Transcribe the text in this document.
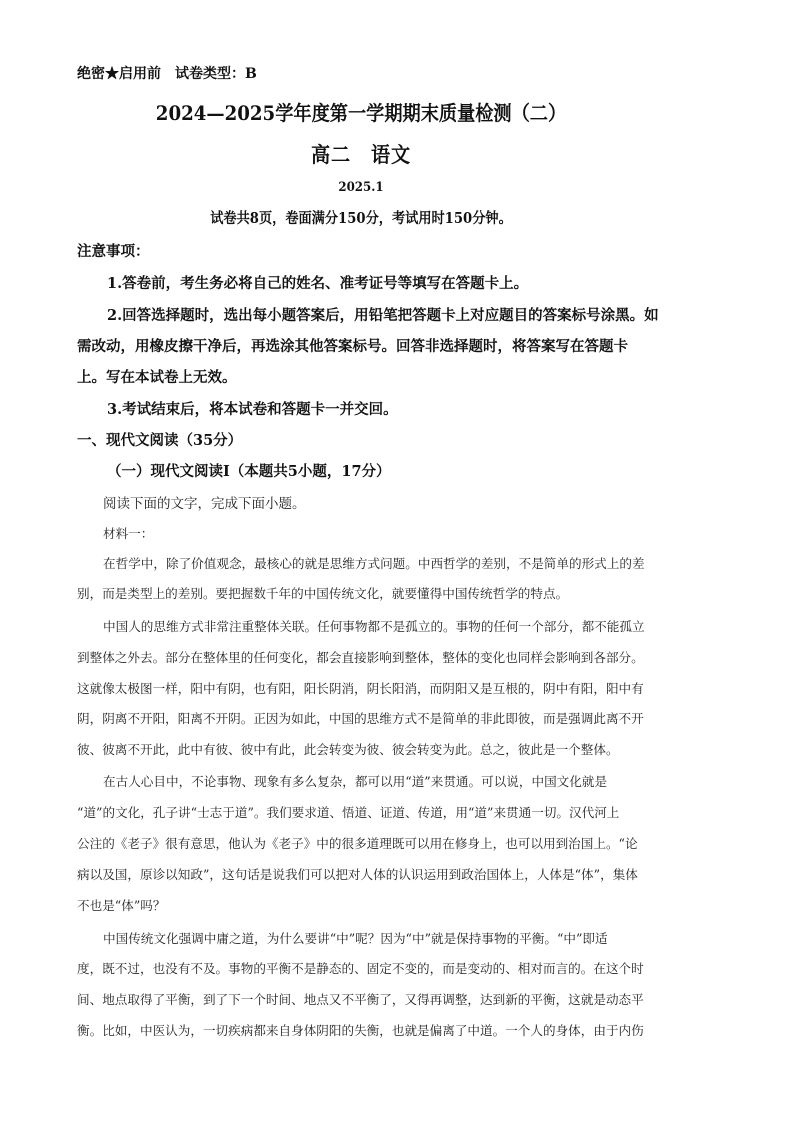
绝密★启用前　试卷类型：B
2024—2025学年度第一学期期末质量检测（二）
高二　语文
2025.1
试卷共8页，卷面满分150分，考试用时150分钟。
注意事项：
1.答卷前，考生务必将自己的姓名、准考证号等填写在答题卡上。
2.回答选择题时，选出每小题答案后，用铅笔把答题卡上对应题目的答案标号涂黑。如
需改动，用橡皮擦干净后，再选涂其他答案标号。回答非选择题时，将答案写在答题卡
上。写在本试卷上无效。
3.考试结束后，将本试卷和答题卡一并交回。
一、现代文阅读（35分）
（一）现代文阅读Ⅰ（本题共5小题，17分）
阅读下面的文字，完成下面小题。
材料一：
在哲学中，除了价值观念，最核心的就是思维方式问题。中西哲学的差别，不是简单的形式上的差
别，而是类型上的差别。要把握数千年的中国传统文化，就要懂得中国传统哲学的特点。
中国人的思维方式非常注重整体关联。任何事物都不是孤立的。事物的任何一个部分，都不能孤立
到整体之外去。部分在整体里的任何变化，都会直接影响到整体，整体的变化也同样会影响到各部分。
这就像太极图一样，阳中有阴，也有阳，阳长阴消，阴长阳消，而阴阳又是互根的，阴中有阳，阳中有
阴，阴离不开阳，阳离不开阴。正因为如此，中国的思维方式不是简单的非此即彼，而是强调此离不开
彼、彼离不开此，此中有彼、彼中有此，此会转变为彼、彼会转变为此。总之，彼此是一个整体。
在古人心目中，不论事物、现象有多么复杂，都可以用“道”来贯通。可以说，中国文化就是
“道”的文化，孔子讲“士志于道”。我们要求道、悟道、证道、传道，用“道”来贯通一切。汉代河上
公注的《老子》很有意思，他认为《老子》中的很多道理既可以用在修身上，也可以用到治国上。“论
病以及国，原诊以知政”，这句话是说我们可以把对人体的认识运用到政治国体上，人体是“体”，集体
不也是“体”吗？
中国传统文化强调中庸之道，为什么要讲“中”呢？因为“中”就是保持事物的平衡。“中”即适
度，既不过，也没有不及。事物的平衡不是静态的、固定不变的，而是变动的、相对而言的。在这个时
间、地点取得了平衡，到了下一个时间、地点又不平衡了，又得再调整，达到新的平衡，这就是动态平
衡。比如，中医认为，一切疾病都来自身体阴阳的失衡，也就是偏离了中道。一个人的身体，由于内伤
